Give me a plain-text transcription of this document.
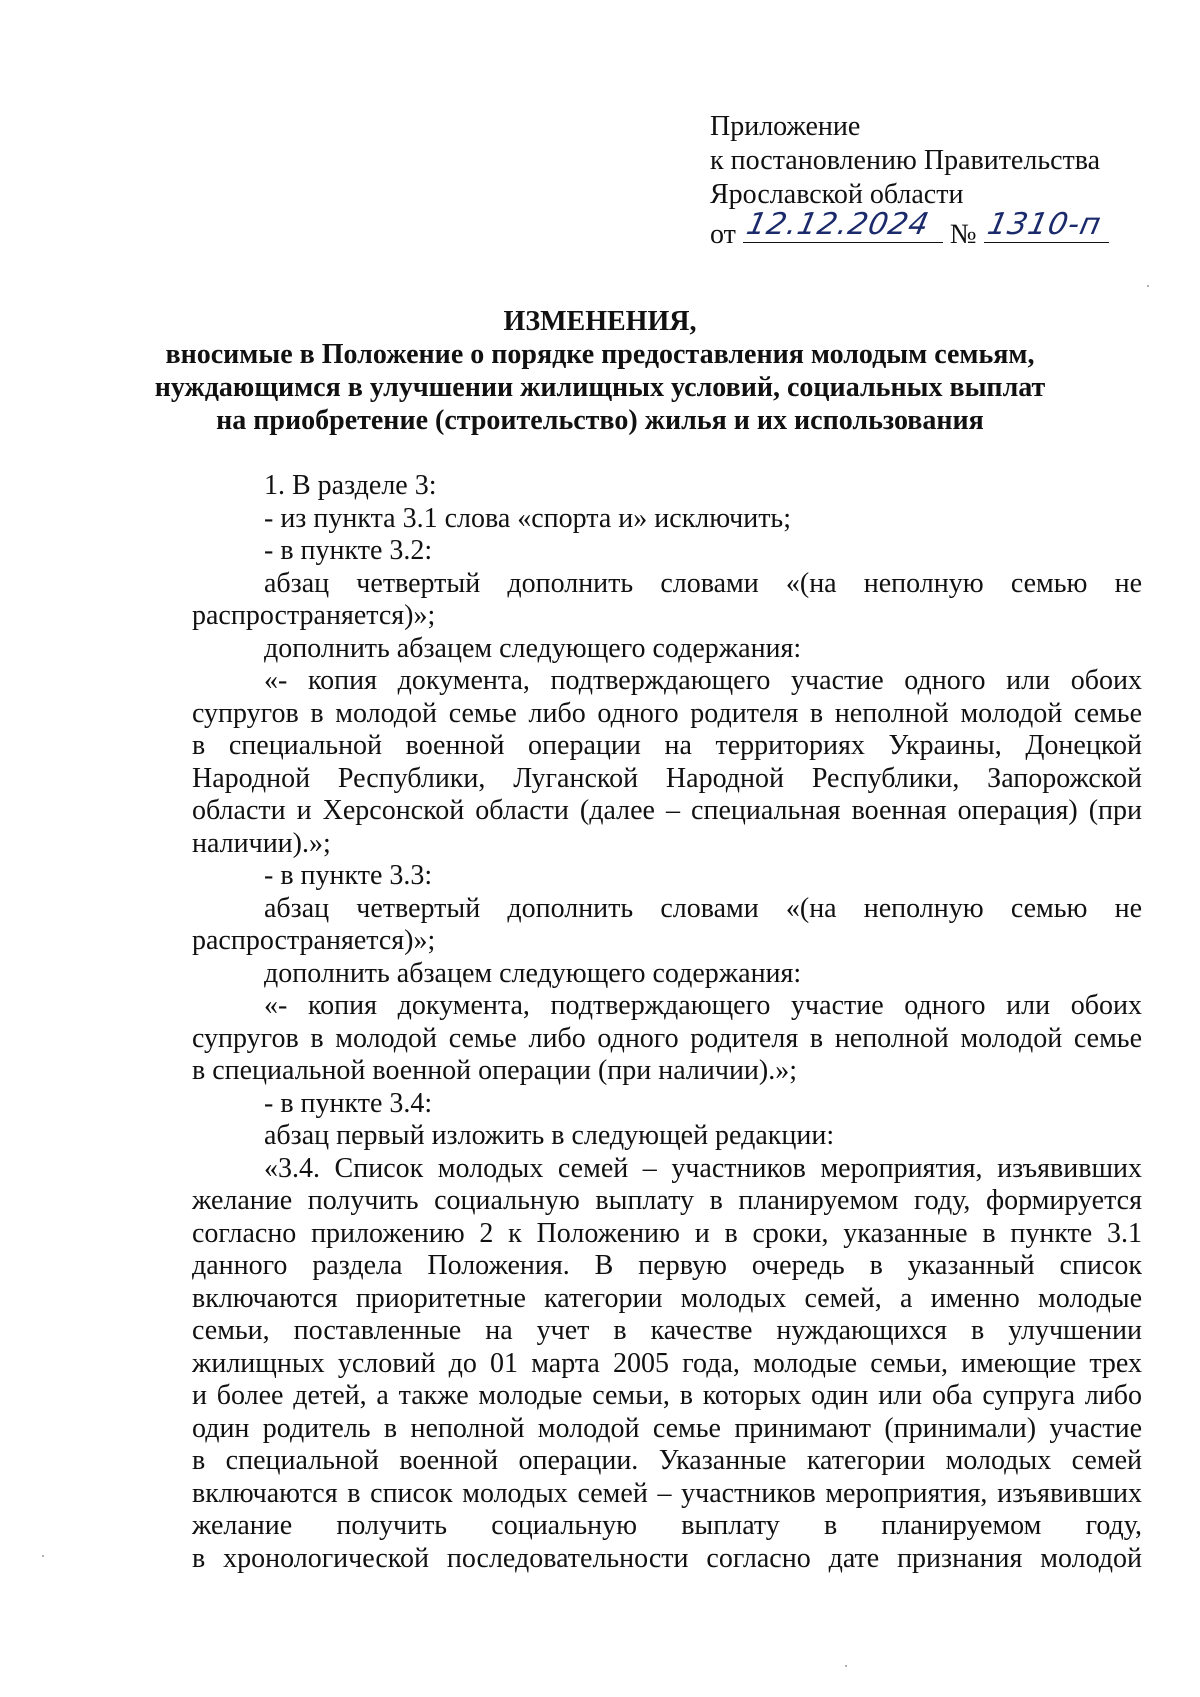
Приложение
к постановлению Правительства
Ярославской области
от 12.12.2024 № 1310-п
ИЗМЕНЕНИЯ,
вносимые в Положение о порядке предоставления молодым семьям,
нуждающимся в улучшении жилищных условий, социальных выплат
на приобретение (строительство) жилья и их использования
1. В разделе 3:
- из пункта 3.1 слова «спорта и» исключить;
- в пункте 3.2:
абзац четвертый дополнить словами «(на неполную семью не
распространяется)»;
дополнить абзацем следующего содержания:
«- копия документа, подтверждающего участие одного или обоих
супругов в молодой семье либо одного родителя в неполной молодой семье
в специальной военной операции на территориях Украины, Донецкой
Народной Республики, Луганской Народной Республики, Запорожской
области и Херсонской области (далее – специальная военная операция) (при
наличии).»;
- в пункте 3.3:
абзац четвертый дополнить словами «(на неполную семью не
распространяется)»;
дополнить абзацем следующего содержания:
«- копия документа, подтверждающего участие одного или обоих
супругов в молодой семье либо одного родителя в неполной молодой семье
в специальной военной операции (при наличии).»;
- в пункте 3.4:
абзац первый изложить в следующей редакции:
«3.4. Список молодых семей – участников мероприятия, изъявивших
желание получить социальную выплату в планируемом году, формируется
согласно приложению 2 к Положению и в сроки, указанные в пункте 3.1
данного раздела Положения. В первую очередь в указанный список
включаются приоритетные категории молодых семей, а именно молодые
семьи, поставленные на учет в качестве нуждающихся в улучшении
жилищных условий до 01 марта 2005 года, молодые семьи, имеющие трех
и более детей, а также молодые семьи, в которых один или оба супруга либо
один родитель в неполной молодой семье принимают (принимали) участие
в специальной военной операции. Указанные категории молодых семей
включаются в список молодых семей – участников мероприятия, изъявивших
желание получить социальную выплату в планируемом году,
в хронологической последовательности согласно дате признания молодой
